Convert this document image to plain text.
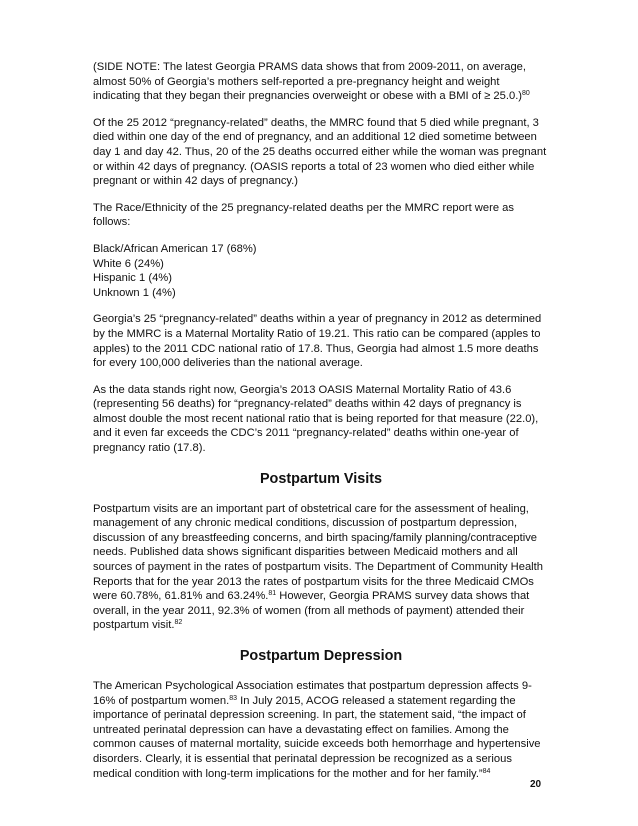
(SIDE NOTE: The latest Georgia PRAMS data shows that from 2009-2011, on average, almost 50% of Georgia’s mothers self-reported a pre-pregnancy height and weight indicating that they began their pregnancies overweight or obese with a BMI of ≥ 25.0.)$^{80}$

Of the 25 2012 “pregnancy-related” deaths, the MMRC found that 5 died while pregnant, 3 died within one day of the end of pregnancy, and an additional 12 died sometime between day 1 and day 42. Thus, 20 of the 25 deaths occurred either while the woman was pregnant or within 42 days of pregnancy. (OASIS reports a total of 23 women who died either while pregnant or within 42 days of pregnancy.)

The Race/Ethnicity of the 25 pregnancy-related deaths per the MMRC report were as follows:

Black/African American 17 (68%)
White 6 (24%)
Hispanic 1 (4%)
Unknown 1 (4%)

Georgia’s 25 “pregnancy-related” deaths within a year of pregnancy in 2012 as determined by the MMRC is a Maternal Mortality Ratio of 19.21. This ratio can be compared (apples to apples) to the 2011 CDC national ratio of 17.8. Thus, Georgia had almost 1.5 more deaths for every 100,000 deliveries than the national average.

As the data stands right now, Georgia’s 2013 OASIS Maternal Mortality Ratio of 43.6 (representing 56 deaths) for “pregnancy-related” deaths within 42 days of pregnancy is almost double the most recent national ratio that is being reported for that measure (22.0), and it even far exceeds the CDC’s 2011 “pregnancy-related” deaths within one-year of pregnancy ratio (17.8).

Postpartum Visits

Postpartum visits are an important part of obstetrical care for the assessment of healing, management of any chronic medical conditions, discussion of postpartum depression, discussion of any breastfeeding concerns, and birth spacing/family planning/contraceptive needs. Published data shows significant disparities between Medicaid mothers and all sources of payment in the rates of postpartum visits. The Department of Community Health Reports that for the year 2013 the rates of postpartum visits for the three Medicaid CMOs were 60.78%, 61.81% and 63.24%.$^{81}$ However, Georgia PRAMS survey data shows that overall, in the year 2011, 92.3% of women (from all methods of payment) attended their postpartum visit.$^{82}$

Postpartum Depression

The American Psychological Association estimates that postpartum depression affects 9-16% of postpartum women.$^{83}$ In July 2015, ACOG released a statement regarding the importance of perinatal depression screening. In part, the statement said, “the impact of untreated perinatal depression can have a devastating effect on families. Among the common causes of maternal mortality, suicide exceeds both hemorrhage and hypertensive disorders. Clearly, it is essential that perinatal depression be recognized as a serious medical condition with long-term implications for the mother and for her family.”$^{84}$

20
